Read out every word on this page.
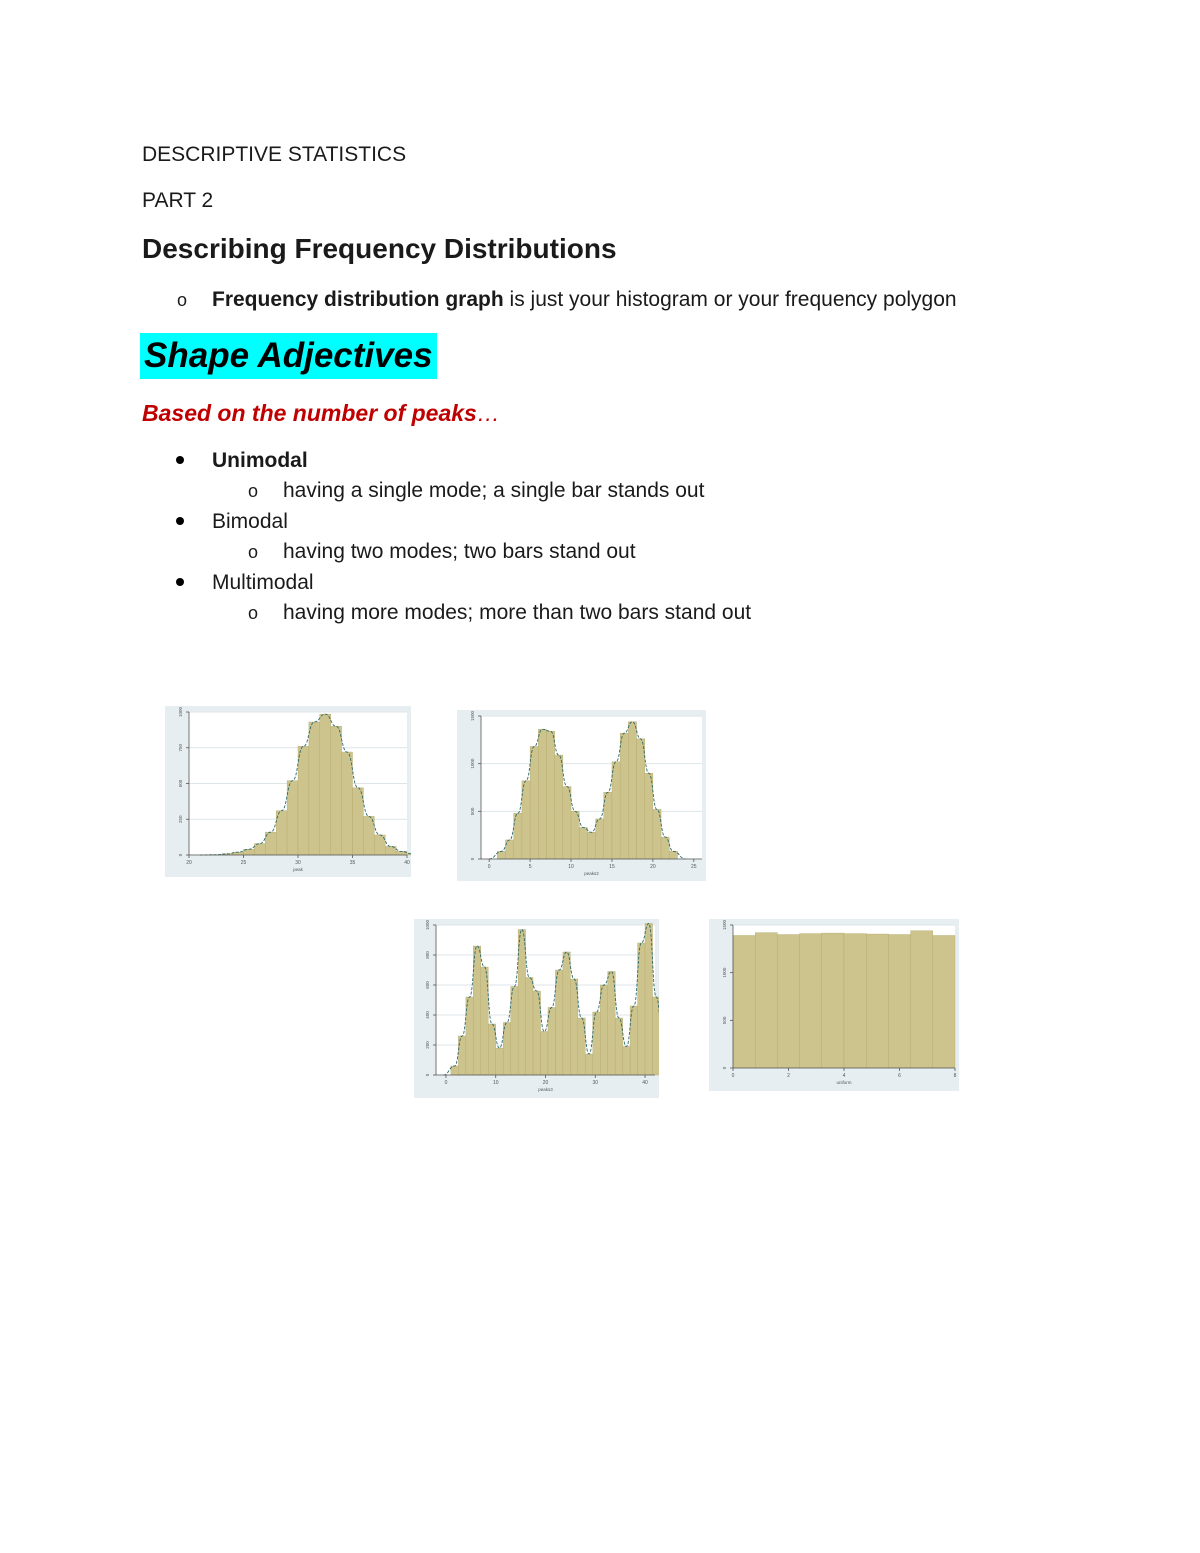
DESCRIPTIVE STATISTICS
PART 2
Describing Frequency Distributions
o Frequency distribution graph is just your histogram or your frequency polygon
Shape Adjectives
Based on the number of peaks…
Unimodal
o having a single mode; a single bar stands out
Bimodal
o having two modes; two bars stand out
Multimodal
o having more modes; more than two bars stand out
0
250
500
750
1000
20	25	30	35	40
peak
0
500
1000
1500
0	5	10	15	20	25
peaks2
0
200
400
600
800
1000
0	10	20	30	40
peaks3
0
500
1000
1500
0	2	4	6	8
uniform
